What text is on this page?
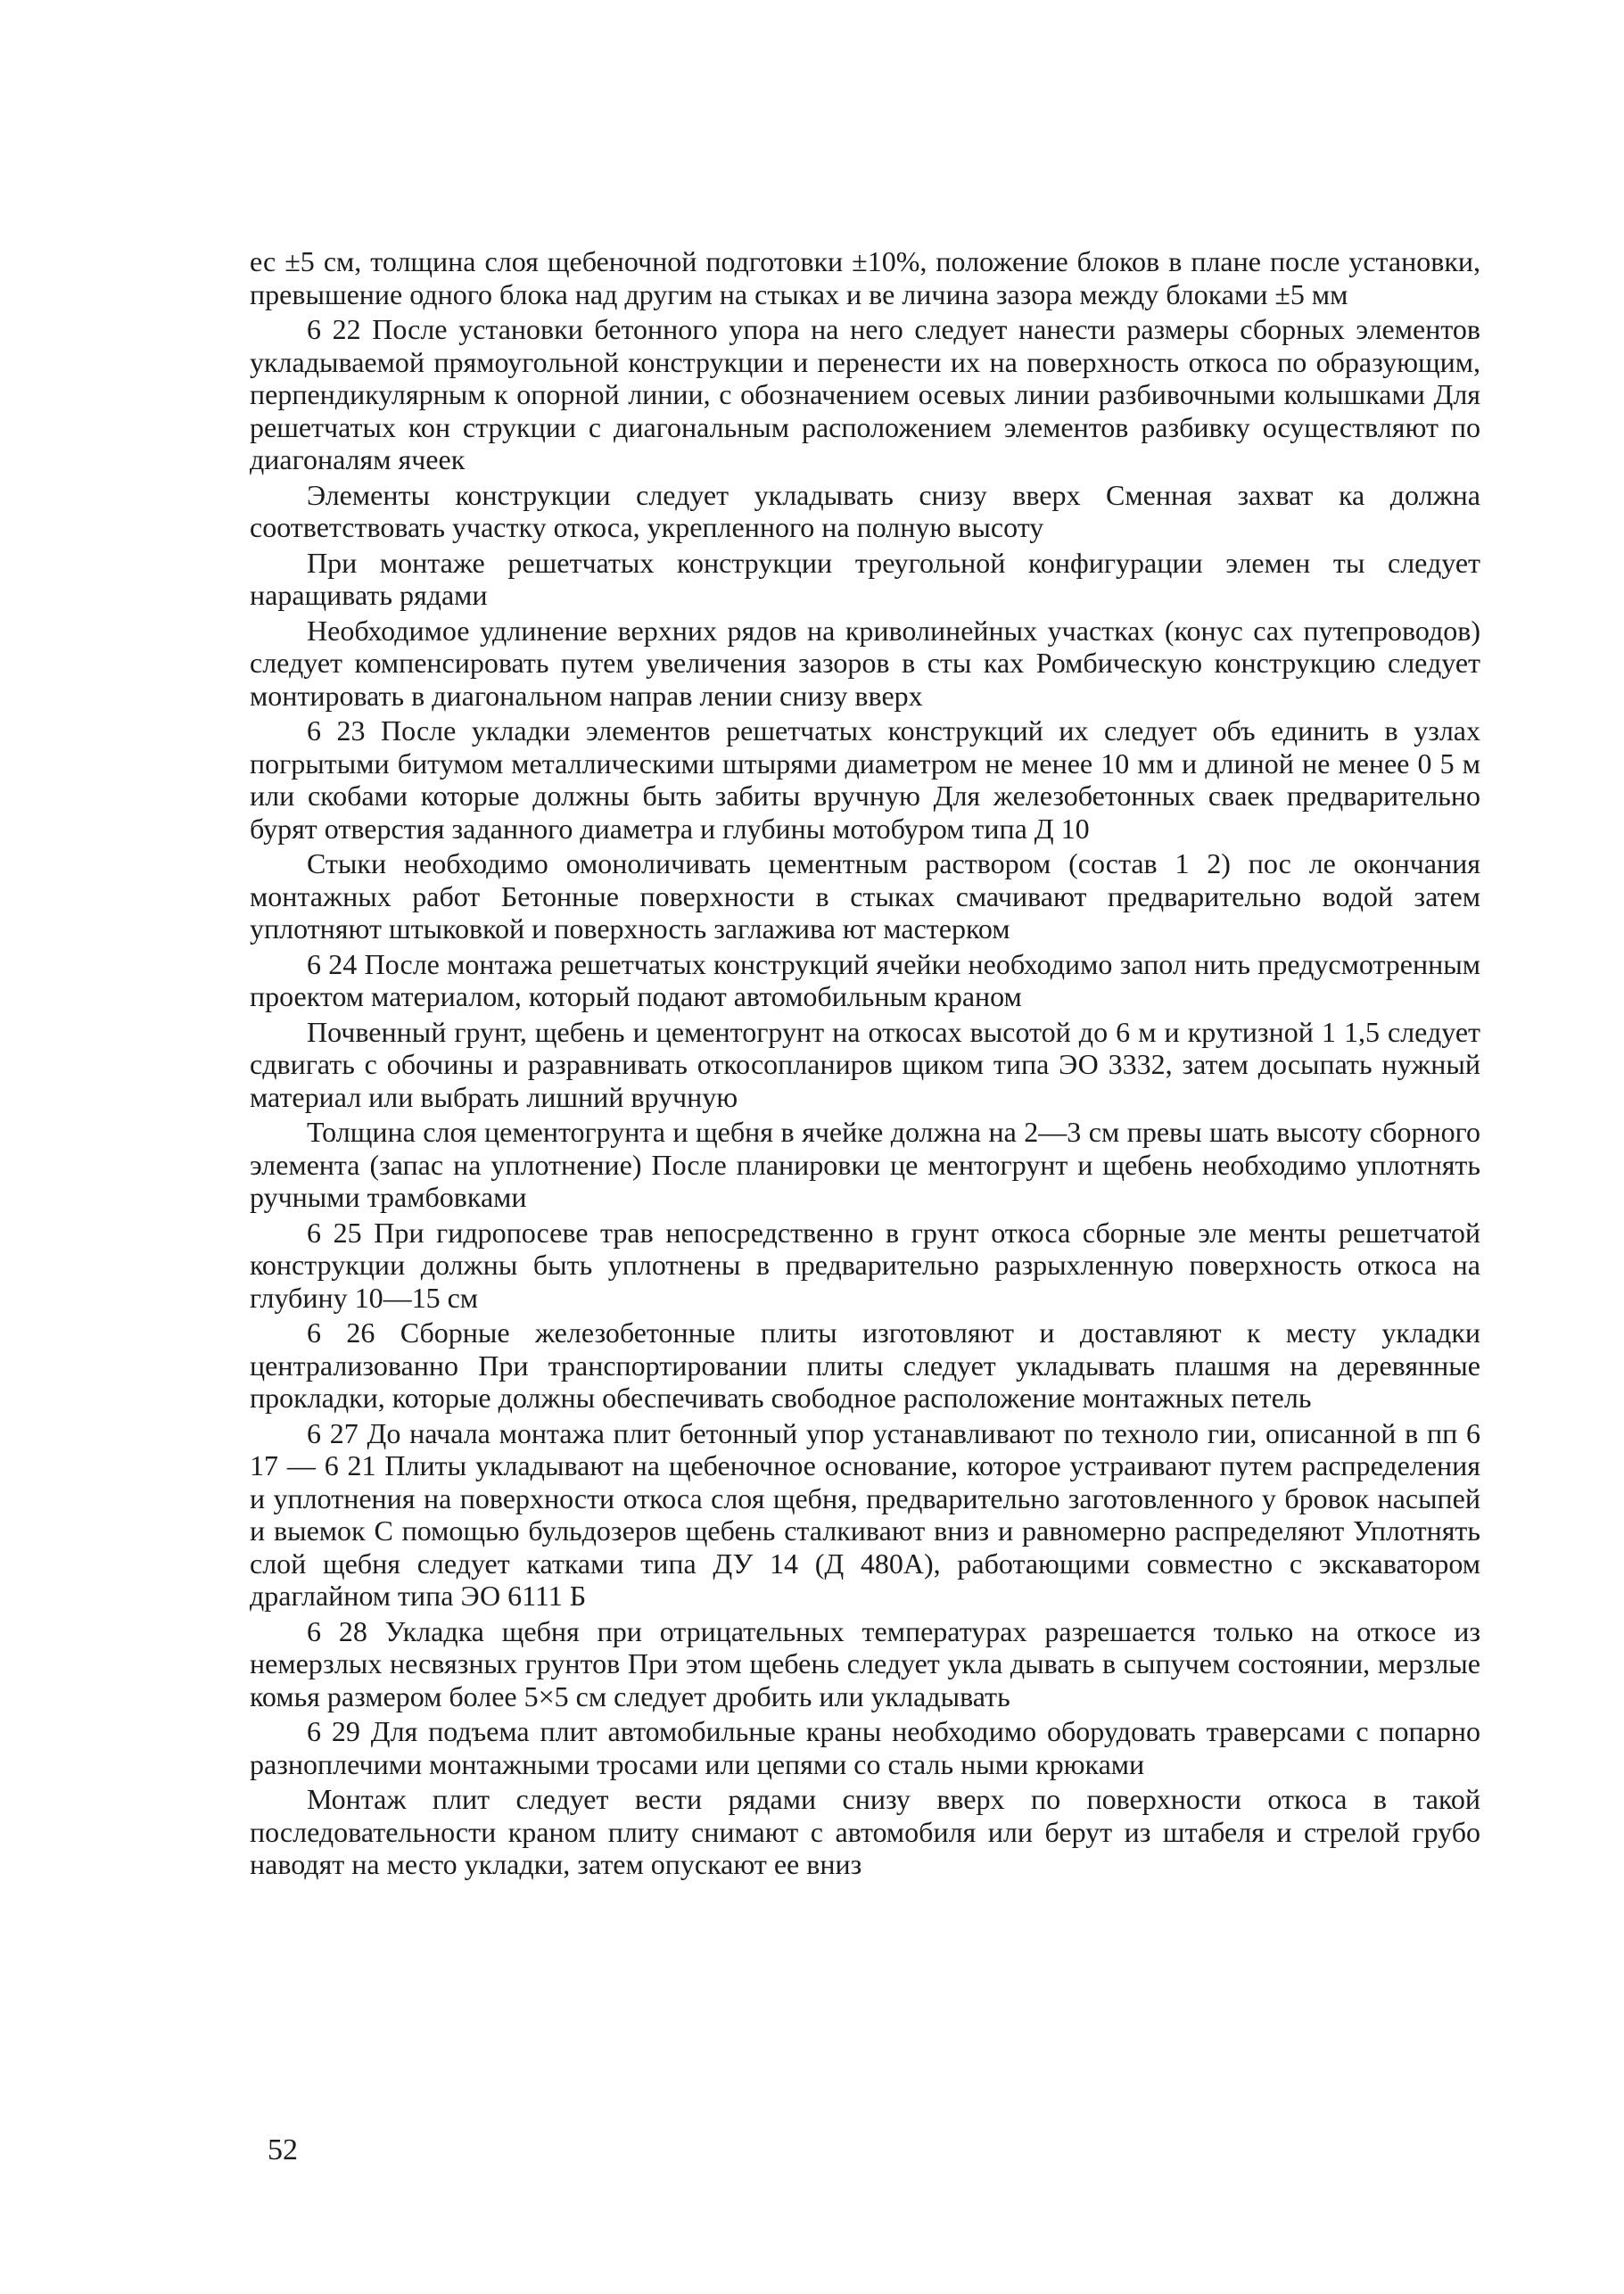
ес ±5 см, толщина слоя щебеночной подготовки ±10%, положение блоков в плане после установки, превышение одного блока над другим на стыках и ве личина зазора между блоками ±5 мм

6 22 После установки бетонного упора на него следует нанести размеры сборных элементов укладываемой прямоугольной конструкции и перенести их на поверхность откоса по образующим, перпендикулярным к опорной линии, с обозначением осевых линии разбивочными колышками Для решетчатых кон струкции с диагональным расположением элементов разбивку осуществляют по диагоналям ячеек

Элементы конструкции следует укладывать снизу вверх Сменная захват ка должна соответствовать участку откоса, укрепленного на полную высоту

При монтаже решетчатых конструкции треугольной конфигурации элемен ты следует наращивать рядами

Необходимое удлинение верхних рядов на криволинейных участках (конус сах путепроводов) следует компенсировать путем увеличения зазоров в сты ках Ромбическую конструкцию следует монтировать в диагональном направ лении снизу вверх

6 23 После укладки элементов решетчатых конструкций их следует объ единить в узлах погрытыми битумом металлическими штырями диаметром не менее 10 мм и длиной не менее 0 5 м или скобами которые должны быть забиты вручную Для железобетонных свaек предварительно бурят отверстия заданного диаметра и глубины мотобуром типа Д 10

Стыки необходимо омоноличивать цементным раствором (состав 1 2) пос ле окончания монтажных работ Бетонные поверхности в стыках смачивают предварительно водой затем уплотняют штыковкой и поверхность заглажива ют мастерком

6 24 После монтажа решетчатых конструкций ячейки необходимо запол нить предусмотренным проектом материалом, который подают автомобильным краном

Почвенный грунт, щебень и цементогрунт на откосах высотой до 6 м и крутизной 1 1,5 следует сдвигать с обочины и разравнивать откосопланиров щиком типа ЭО 3332, затем досыпать нужный материал или выбрать лишний вручную

Толщина слоя цементогрунта и щебня в ячейке должна на 2—3 см превы шать высоту сборного элемента (запас на уплотнение) После планировки це ментогрунт и щебень необходимо уплотнять ручными трамбовками

6 25 При гидропосеве трав непосредственно в грунт откоса сборные эле менты решетчатой конструкции должны быть уплотнены в предварительно разрыхленную поверхность откоса на глубину 10—15 см

6 26 Сборные железобетонные плиты изготовляют и доставляют к месту укладки централизованно При транспортировании плиты следует укладывать плашмя на деревянные прокладки, которые должны обеспечивать свободное расположение монтажных петель

6 27 До начала монтажа плит бетонный упор устанавливают по техноло гии, описанной в пп 6 17 — 6 21 Плиты укладывают на щебеночное основание, которое устраивают путем распределения и уплотнения на поверхности откоса слоя щебня, предварительно заготовленного у бровок насыпей и выемок С помощью бульдозеров щебень сталкивают вниз и равномерно распределяют Уплотнять слой щебня следует катками типа ДУ 14 (Д 480А), работающими совместно с экскаватором драглайном типа ЭО 6111 Б

6 28 Укладка щебня при отрицательных температурах разрешается только на откосе из немерзлых несвязных грунтов При этом щебень следует укла дывать в сыпучем состоянии, мерзлые комья размером более 5×5 см следует дробить или укладывать

6 29 Для подъема плит автомобильные краны необходимо оборудовать траверсами с попарно разноплечими монтажными тросами или цепями со сталь ными крюками

Монтаж плит следует вести рядами снизу вверх по поверхности откоса в такой последовательности краном плиту снимают с автомобиля или берут из штабеля и стрелой грубо наводят на место укладки, затем опускают ее вниз

52
